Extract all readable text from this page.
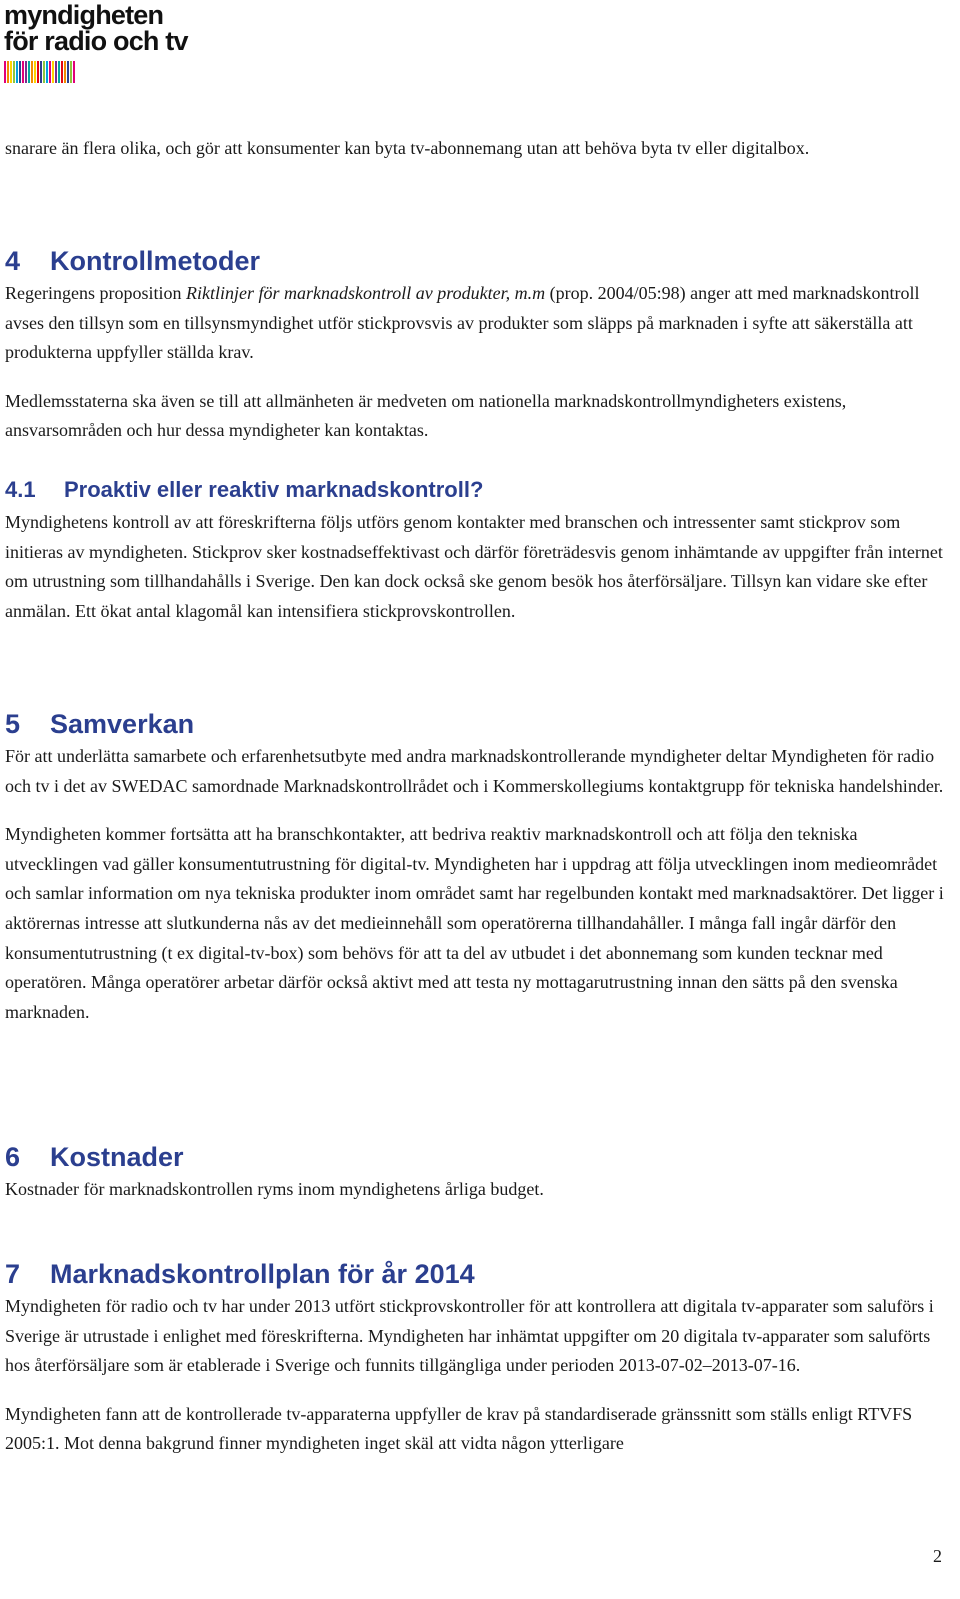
myndigheten
för radio och tv

snarare än flera olika, och gör att konsumenter kan byta tv-abonnemang utan att behöva byta tv eller digitalbox.

4 Kontrollmetoder

Regeringens proposition Riktlinjer för marknadskontroll av produkter, m.m (prop. 2004/05:98) anger att med marknadskontroll avses den tillsyn som en tillsynsmyndighet utför stickprovsvis av produkter som släpps på marknaden i syfte att säkerställa att produkterna uppfyller ställda krav.

Medlemsstaterna ska även se till att allmänheten är medveten om nationella marknadskontrollmyndigheters existens, ansvarsområden och hur dessa myndigheter kan kontaktas.

4.1 Proaktiv eller reaktiv marknadskontroll?

Myndighetens kontroll av att föreskrifterna följs utförs genom kontakter med branschen och intressenter samt stickprov som initieras av myndigheten. Stickprov sker kostnadseffektivast och därför företrädesvis genom inhämtande av uppgifter från internet om utrustning som tillhandahålls i Sverige. Den kan dock också ske genom besök hos återförsäljare. Tillsyn kan vidare ske efter anmälan. Ett ökat antal klagomål kan intensifiera stickprovskontrollen.

5 Samverkan

För att underlätta samarbete och erfarenhetsutbyte med andra marknadskontrollerande myndigheter deltar Myndigheten för radio och tv i det av SWEDAC samordnade Marknadskontrollrådet och i Kommerskollegiums kontaktgrupp för tekniska handelshinder.

Myndigheten kommer fortsätta att ha branschkontakter, att bedriva reaktiv marknadskontroll och att följa den tekniska utvecklingen vad gäller konsumentutrustning för digital-tv. Myndigheten har i uppdrag att följa utvecklingen inom medieområdet och samlar information om nya tekniska produkter inom området samt har regelbunden kontakt med marknadsaktörer. Det ligger i aktörernas intresse att slutkunderna nås av det medieinnehåll som operatörerna tillhandahåller. I många fall ingår därför den konsumentutrustning (t ex digital-tv-box) som behövs för att ta del av utbudet i det abonnemang som kunden tecknar med operatören. Många operatörer arbetar därför också aktivt med att testa ny mottagarutrustning innan den sätts på den svenska marknaden.

6 Kostnader

Kostnader för marknadskontrollen ryms inom myndighetens årliga budget.

7 Marknadskontrollplan för år 2014

Myndigheten för radio och tv har under 2013 utfört stickprovskontroller för att kontrollera att digitala tv-apparater som saluförs i Sverige är utrustade i enlighet med föreskrifterna. Myndigheten har inhämtat uppgifter om 20 digitala tv-apparater som saluförts hos återförsäljare som är etablerade i Sverige och funnits tillgängliga under perioden 2013-07-02–2013-07-16.

Myndigheten fann att de kontrollerade tv-apparaterna uppfyller de krav på standardiserade gränssnitt som ställs enligt RTVFS 2005:1. Mot denna bakgrund finner myndigheten inget skäl att vidta någon ytterligare

2
